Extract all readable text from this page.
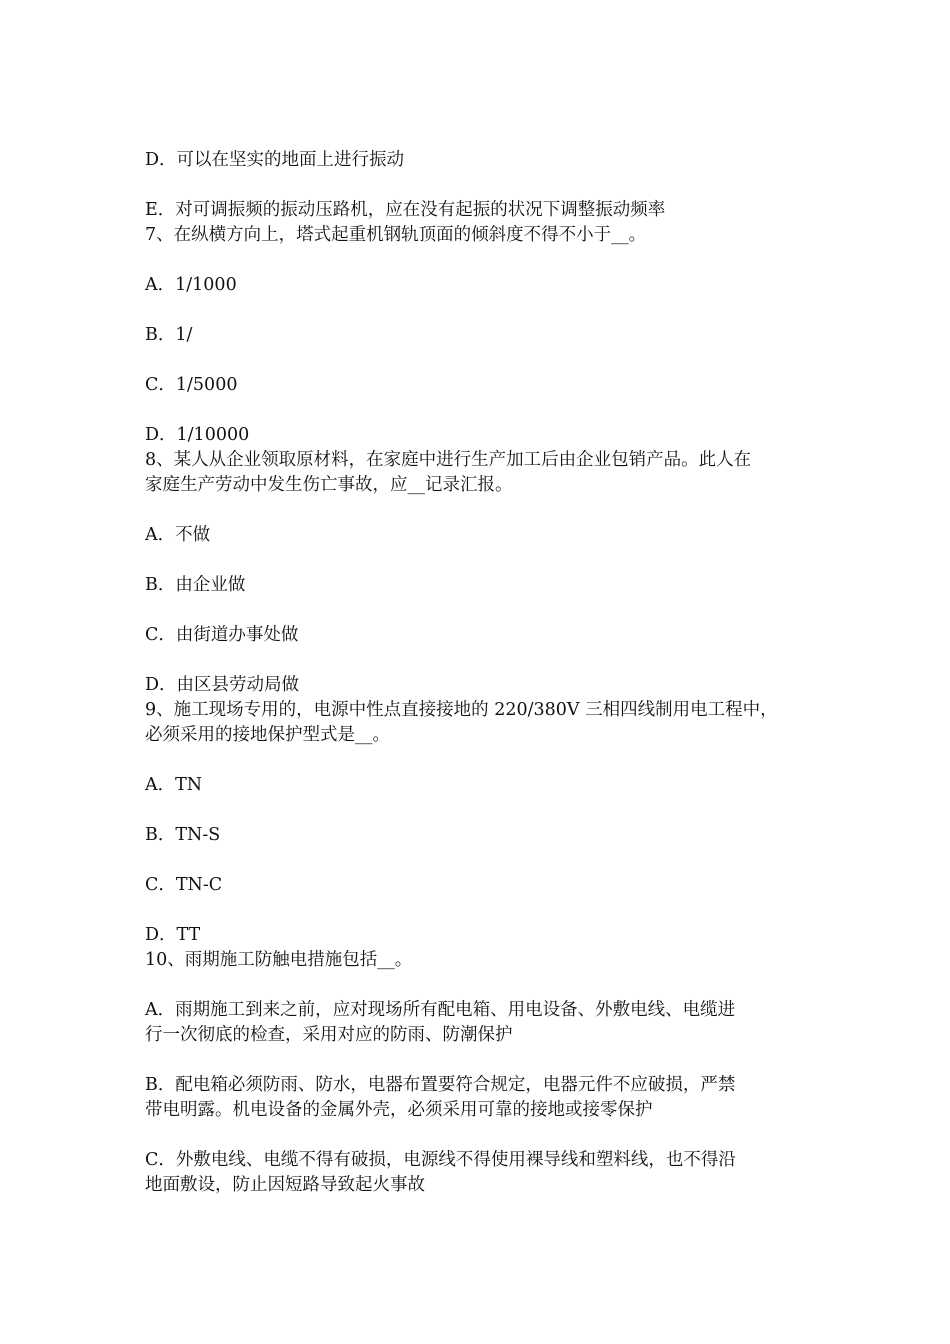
D．可以在坚实的地面上进行振动
E．对可调振频的振动压路机，应在没有起振的状况下调整振动频率
7、在纵横方向上，塔式起重机钢轨顶面的倾斜度不得不小于__。
A．1/1000
B．1/
C．1/5000
D．1/10000
8、某人从企业领取原材料，在家庭中进行生产加工后由企业包销产品。此人在
家庭生产劳动中发生伤亡事故，应__记录汇报。
A．不做
B．由企业做
C．由街道办事处做
D．由区县劳动局做
9、施工现场专用的，电源中性点直接接地的 220/380V 三相四线制用电工程中，
必须采用的接地保护型式是__。
A．TN
B．TN-S
C．TN-C
D．TT
10、雨期施工防触电措施包括__。
A．雨期施工到来之前，应对现场所有配电箱、用电设备、外敷电线、电缆进
行一次彻底的检查，采用对应的防雨、防潮保护
B．配电箱必须防雨、防水，电器布置要符合规定，电器元件不应破损，严禁
带电明露。机电设备的金属外壳，必须采用可靠的接地或接零保护
C．外敷电线、电缆不得有破损，电源线不得使用裸导线和塑料线，也不得沿
地面敷设，防止因短路导致起火事故
